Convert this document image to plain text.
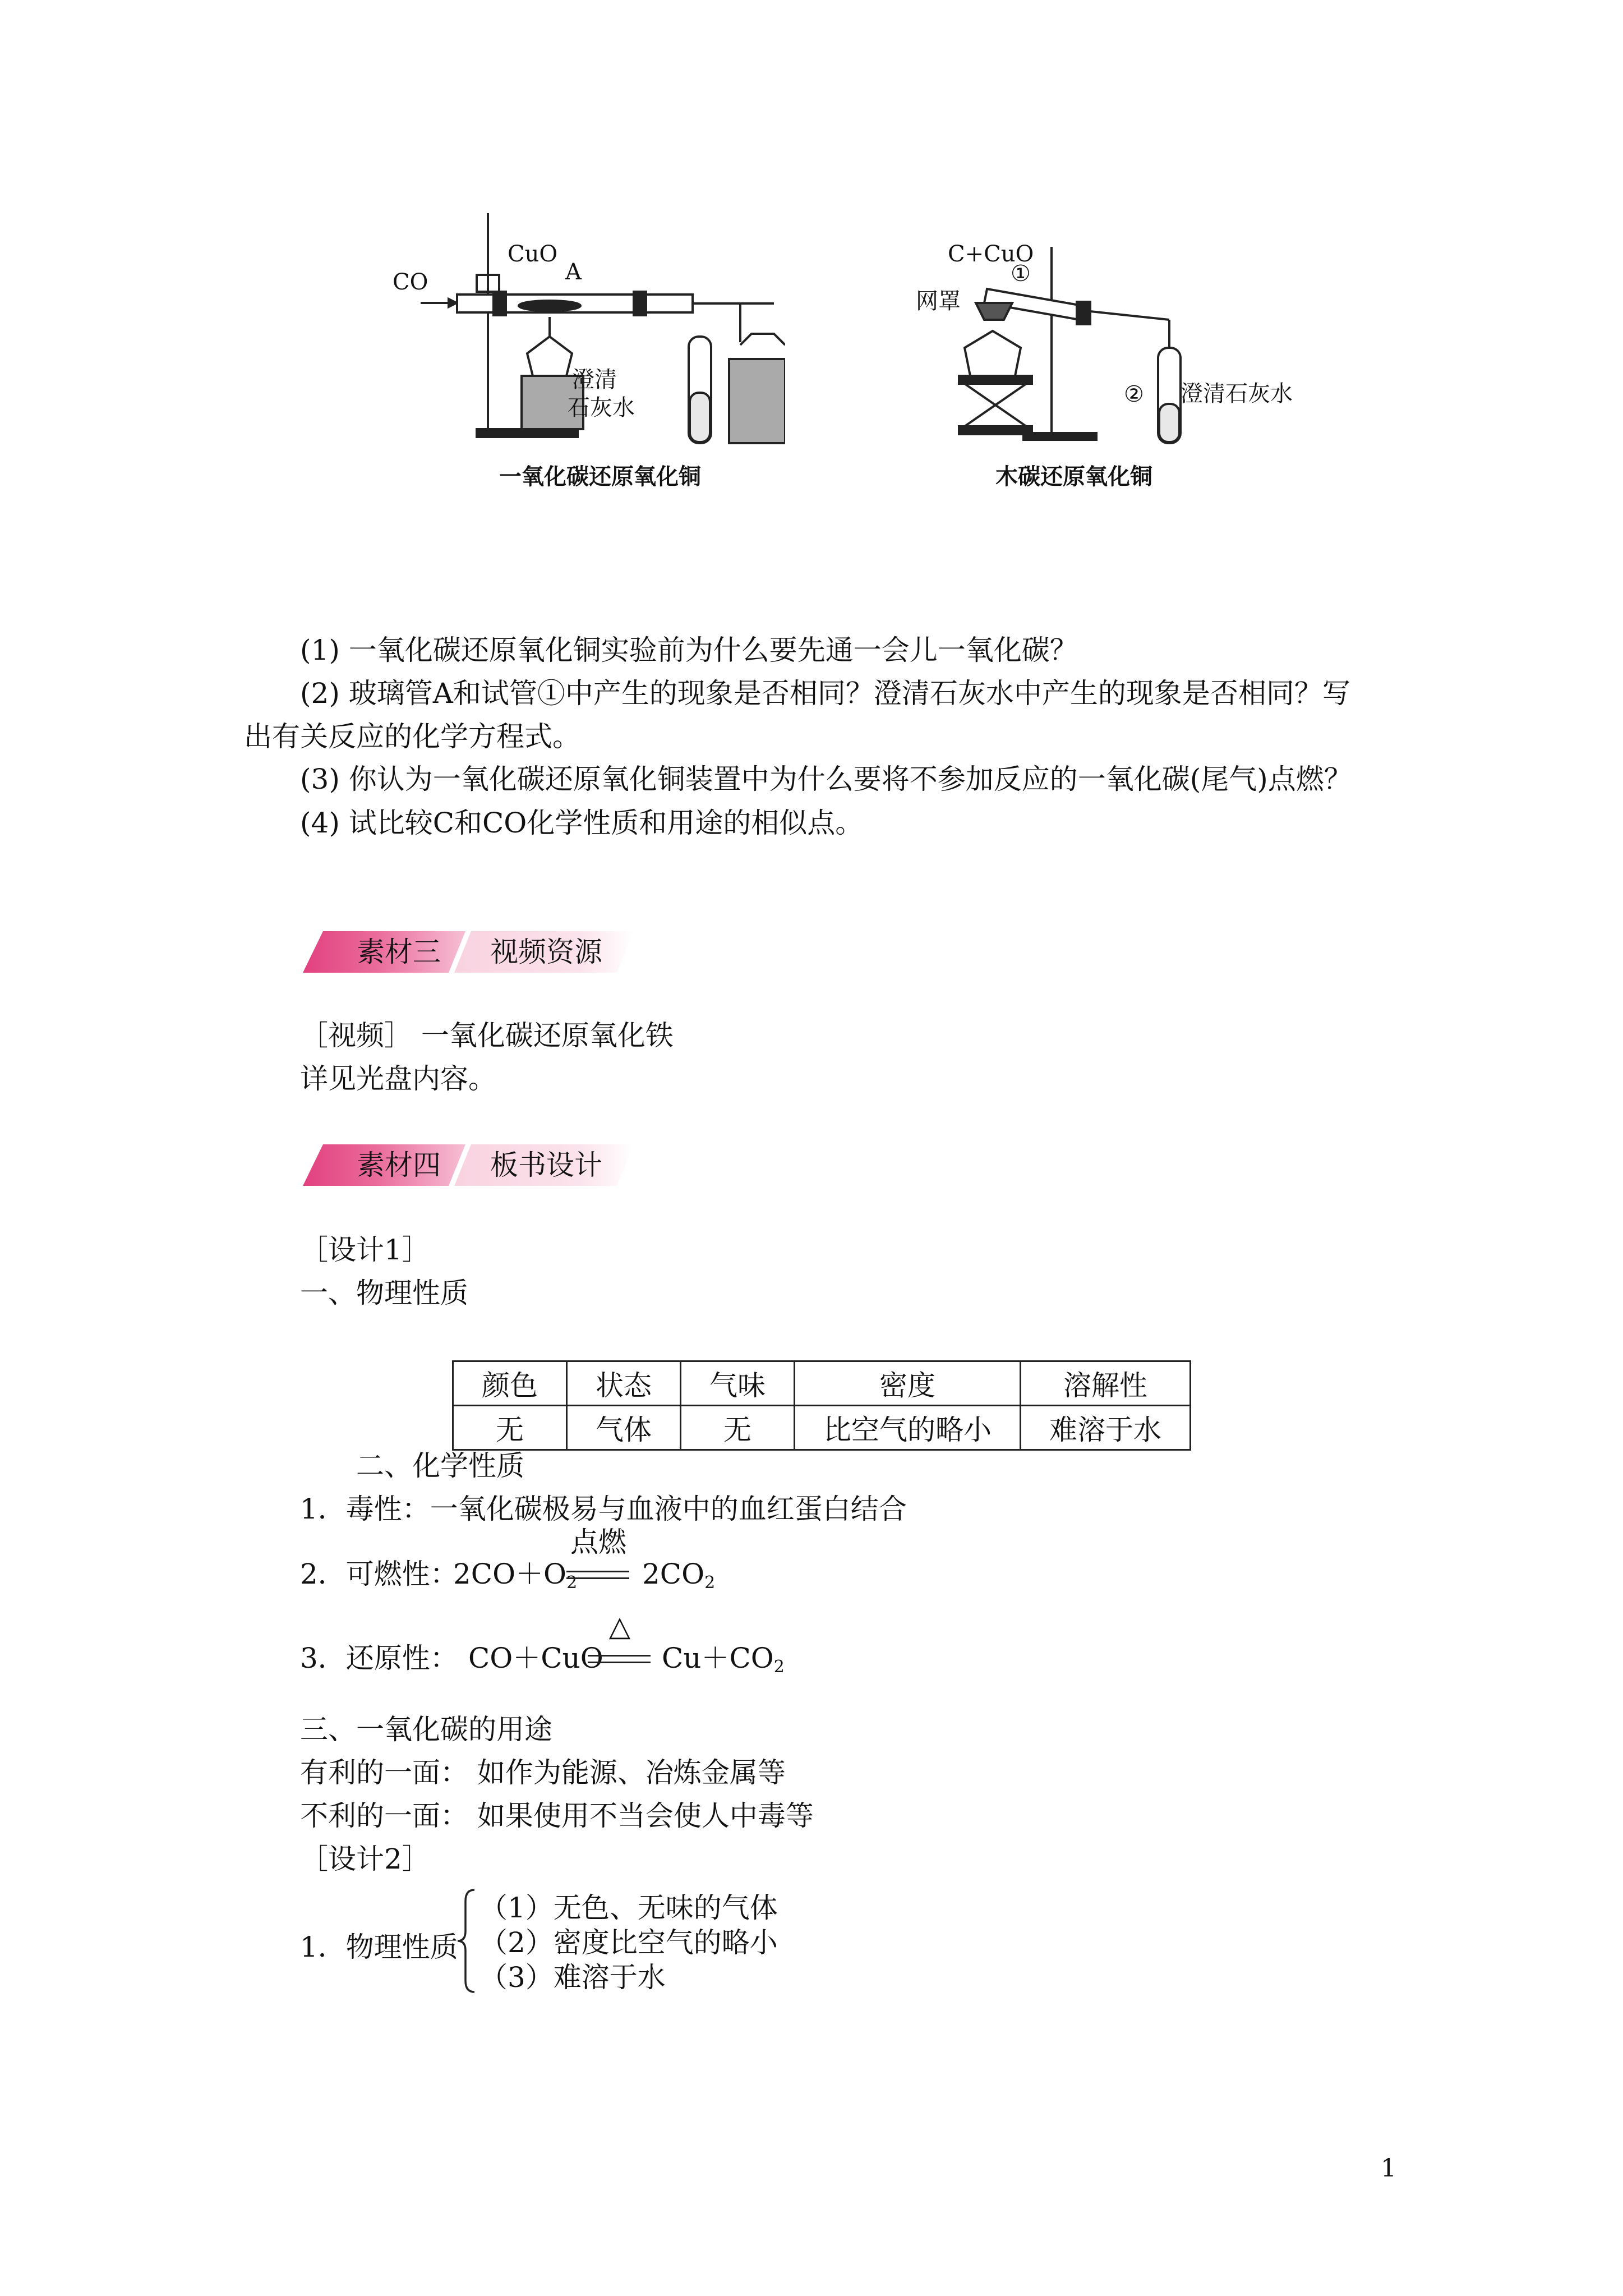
CO
CuO
A
澄清
石灰水
一氧化碳还原氧化铜
C+CuO
①
网罩
② 澄清石灰水
木碳还原氧化铜
(1) 一氧化碳还原氧化铜实验前为什么要先通一会儿一氧化碳？
(2) 玻璃管A和试管①中产生的现象是否相同？澄清石灰水中产生的现象是否相同？写
出有关反应的化学方程式。
(3) 你认为一氧化碳还原氧化铜装置中为什么要将不参加反应的一氧化碳(尾气)点燃？
(4) 试比较C和CO化学性质和用途的相似点。
素材三 视频资源
［视频］ 一氧化碳还原氧化铁
详见光盘内容。
素材四 板书设计
［设计1］
一、物理性质
颜色	状态	气味	密度	溶解性
无	气体	无	比空气的略小	难溶于水
二、化学性质
1．毒性：一氧化碳极易与血液中的血红蛋白结合
2．可燃性：
$2CO+O_2$
点燃
$2CO_2$
3．还原性： CO＋CuO
△
$Cu+CO_2$
三、一氧化碳的用途
有利的一面： 如作为能源、冶炼金属等
不利的一面： 如果使用不当会使人中毒等
［设计2］
1．物理性质
（1）无色、无味的气体
（2）密度比空气的略小
（3）难溶于水
1
